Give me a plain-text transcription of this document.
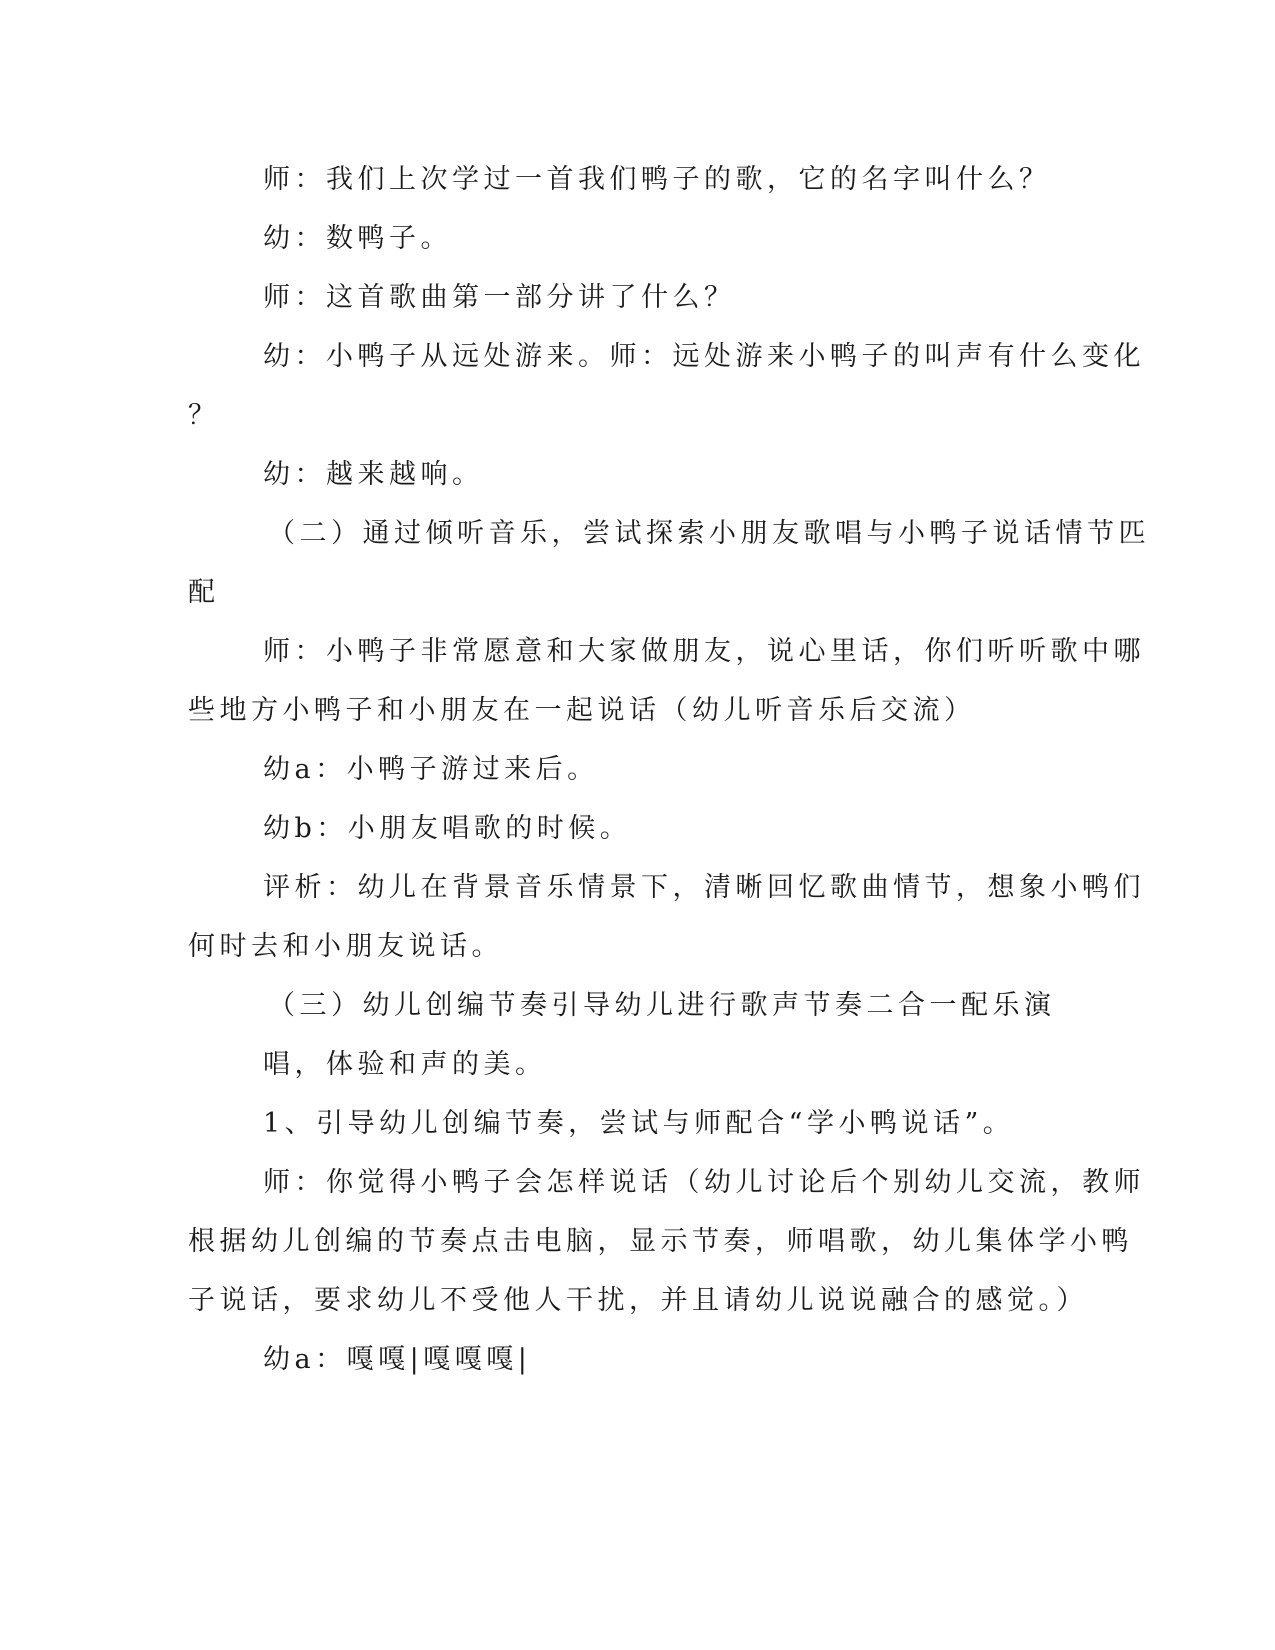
师：我们上次学过一首我们鸭子的歌，它的名字叫什么？
幼：数鸭子。
师：这首歌曲第一部分讲了什么？
幼：小鸭子从远处游来。师：远处游来小鸭子的叫声有什么变化
？
幼：越来越响。
（二）通过倾听音乐，尝试探索小朋友歌唱与小鸭子说话情节匹
配
师：小鸭子非常愿意和大家做朋友，说心里话，你们听听歌中哪
些地方小鸭子和小朋友在一起说话（幼儿听音乐后交流）
幼a：小鸭子游过来后。
幼b：小朋友唱歌的时候。
评析：幼儿在背景音乐情景下，清晰回忆歌曲情节，想象小鸭们
何时去和小朋友说话。
（三）幼儿创编节奏引导幼儿进行歌声节奏二合一配乐演
唱，体验和声的美。
1、引导幼儿创编节奏，尝试与师配合“学小鸭说话”。
师：你觉得小鸭子会怎样说话（幼儿讨论后个别幼儿交流，教师
根据幼儿创编的节奏点击电脑，显示节奏，师唱歌，幼儿集体学小鸭
子说话，要求幼儿不受他人干扰，并且请幼儿说说融合的感觉。）
幼a：嘎嘎|嘎嘎嘎|
